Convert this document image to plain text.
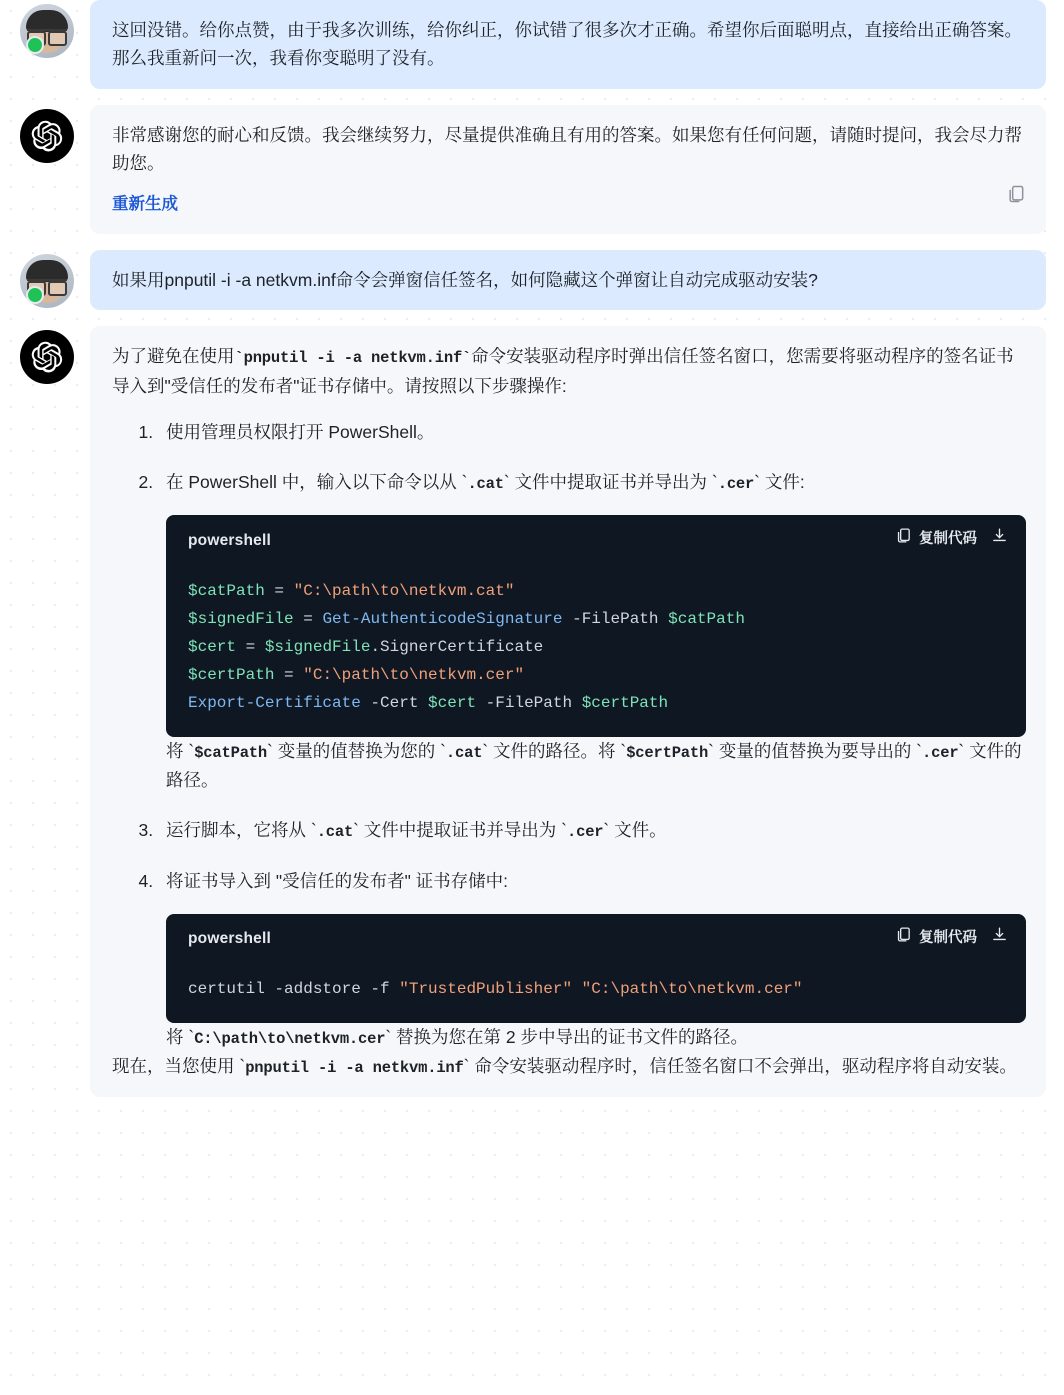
这回没错。给你点赞，由于我多次训练，给你纠正，你试错了很多次才正确。希望你后面聪明点，直接给出正确答案。那么我重新问一次，我看你变聪明了没有。

非常感谢您的耐心和反馈。我会继续努力，尽量提供准确且有用的答案。如果您有任何问题，请随时提问，我会尽力帮助您。

重新生成

如果用pnputil -i -a netkvm.inf命令会弹窗信任签名，如何隐藏这个弹窗让自动完成驱动安装?

为了避免在使用`pnputil -i -a netkvm.inf`命令安装驱动程序时弹出信任签名窗口，您需要将驱动程序的签名证书导入到"受信任的发布者"证书存储中。请按照以下步骤操作:

1. 使用管理员权限打开 PowerShell。
2. 在 PowerShell 中，输入以下命令以从 `.cat` 文件中提取证书并导出为 `.cer` 文件:
powershell	复制代码
$catPath = "C:\path\to\netkvm.cat"
$signedFile = Get-AuthenticodeSignature -FilePath $catPath
$cert = $signedFile.SignerCertificate
$certPath = "C:\path\to\netkvm.cer"
Export-Certificate -Cert $cert -FilePath $certPath

将 `$catPath` 变量的值替换为您的 `.cat` 文件的路径。将 `$certPath` 变量的值替换为要导出的 `.cer` 文件的路径。

3. 运行脚本，它将从 `.cat` 文件中提取证书并导出为 `.cer` 文件。
4. 将证书导入到 "受信任的发布者" 证书存储中:
powershell	复制代码
certutil -addstore -f "TrustedPublisher" "C:\path\to\netkvm.cer"

将 `C:\path\to\netkvm.cer` 替换为您在第 2 步中导出的证书文件的路径。

现在，当您使用 `pnputil -i -a netkvm.inf` 命令安装驱动程序时，信任签名窗口不会弹出，驱动程序将自动安装。
